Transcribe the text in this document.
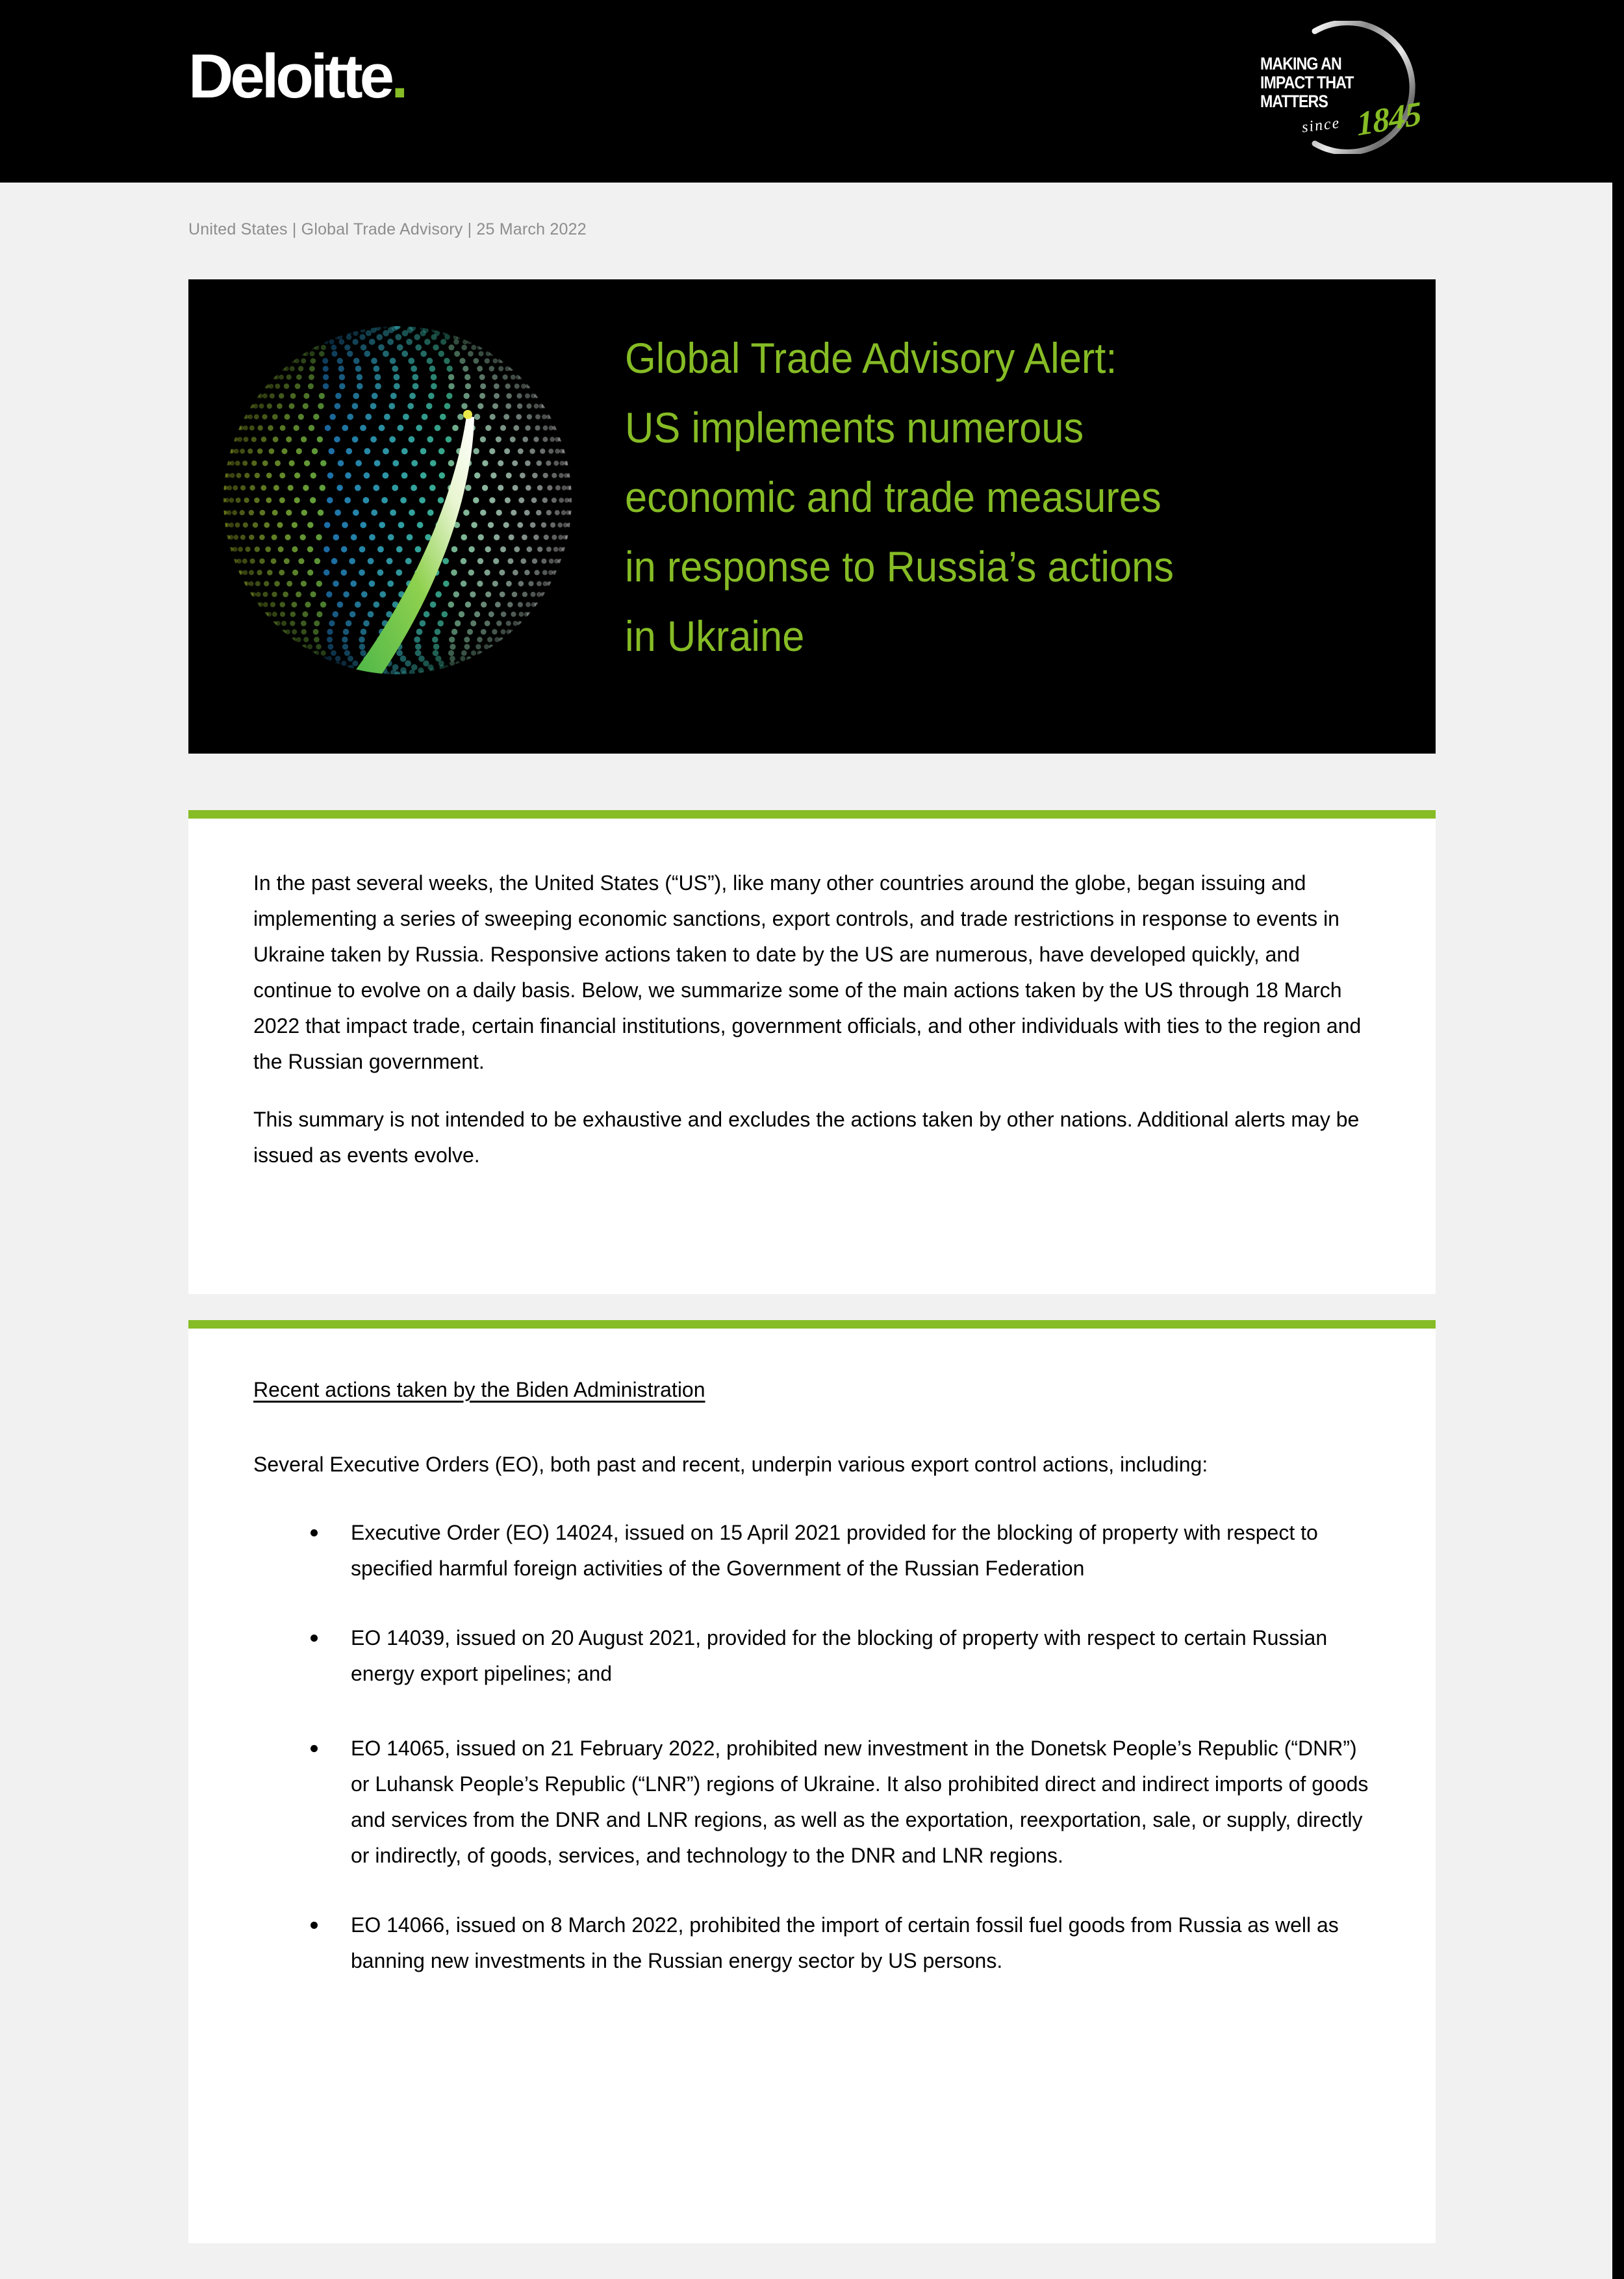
Deloitte.	MAKING AN
IMPACT THAT
MATTERS
since 1845
United States | Global Trade Advisory | 25 March 2022
Global Trade Advisory Alert:
US implements numerous
economic and trade measures
in response to Russia’s actions
in Ukraine

In the past several weeks, the United States (“US”), like many other countries around the globe, began issuing and implementing a series of sweeping economic sanctions, export controls, and trade restrictions in response to events in Ukraine taken by Russia. Responsive actions taken to date by the US are numerous, have developed quickly, and continue to evolve on a daily basis. Below, we summarize some of the main actions taken by the US through 18 March 2022 that impact trade, certain financial institutions, government officials, and other individuals with ties to the region and the Russian government.

This summary is not intended to be exhaustive and excludes the actions taken by other nations. Additional alerts may be issued as events evolve.

Recent actions taken by the Biden Administration

Several Executive Orders (EO), both past and recent, underpin various export control actions, including:

Executive Order (EO) 14024, issued on 15 April 2021 provided for the blocking of property with respect to specified harmful foreign activities of the Government of the Russian Federation
EO 14039, issued on 20 August 2021, provided for the blocking of property with respect to certain Russian energy export pipelines; and
EO 14065, issued on 21 February 2022, prohibited new investment in the Donetsk People’s Republic (“DNR”) or Luhansk People’s Republic (“LNR”) regions of Ukraine. It also prohibited direct and indirect imports of goods and services from the DNR and LNR regions, as well as the exportation, reexportation, sale, or supply, directly or indirectly, of goods, services, and technology to the DNR and LNR regions.
EO 14066, issued on 8 March 2022, prohibited the import of certain fossil fuel goods from Russia as well as banning new investments in the Russian energy sector by US persons.
